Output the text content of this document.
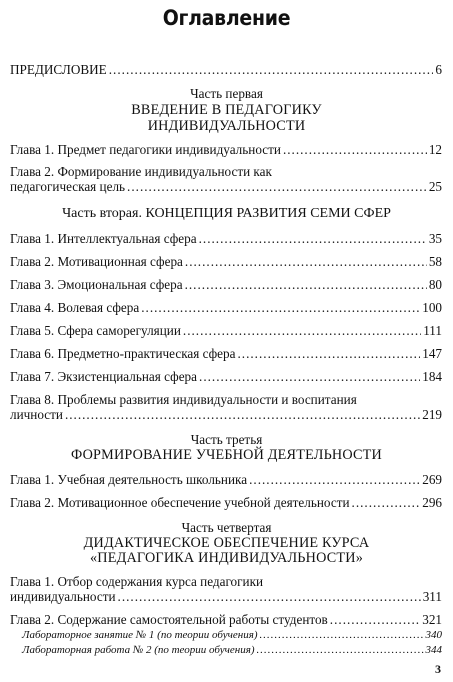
Оглавление
ПРЕДИСЛОВИЕ .....	6
Часть первая
ВВЕДЕНИЕ В ПЕДАГОГИКУ
ИНДИВИДУАЛЬНОСТИ
Глава 1. Предмет педагогики индивидуальности .....	12
Глава 2. Формирование индивидуальности как
педагогическая цель .....	25
Часть вторая. КОНЦЕПЦИЯ РАЗВИТИЯ СЕМИ СФЕР
Глава 1. Интеллектуальная сфера .....	35
Глава 2. Мотивационная сфера .....	58
Глава 3. Эмоциональная сфера .....	80
Глава 4. Волевая сфера .....	100
Глава 5. Сфера саморегуляции .....	111
Глава 6. Предметно-практическая сфера .....	147
Глава 7. Экзистенциальная сфера .....	184
Глава 8. Проблемы развития индивидуальности и воспитания
личности .....	219
Часть третья
ФОРМИРОВАНИЕ УЧЕБНОЙ ДЕЯТЕЛЬНОСТИ
Глава 1. Учебная деятельность школьника .....	269
Глава 2. Мотивационное обеспечение учебной деятельности .....	296
Часть четвертая
ДИДАКТИЧЕСКОЕ ОБЕСПЕЧЕНИЕ КУРСА
«ПЕДАГОГИКА ИНДИВИДУАЛЬНОСТИ»
Глава 1. Отбор содержания курса педагогики
индивидуальности .....	311
Глава 2. Содержание самостоятельной работы студентов .....	321
Лабораторное занятие № 1 (по теории обучения) .....	340
Лабораторная работа № 2 (по теории обучения) .....	344
3
